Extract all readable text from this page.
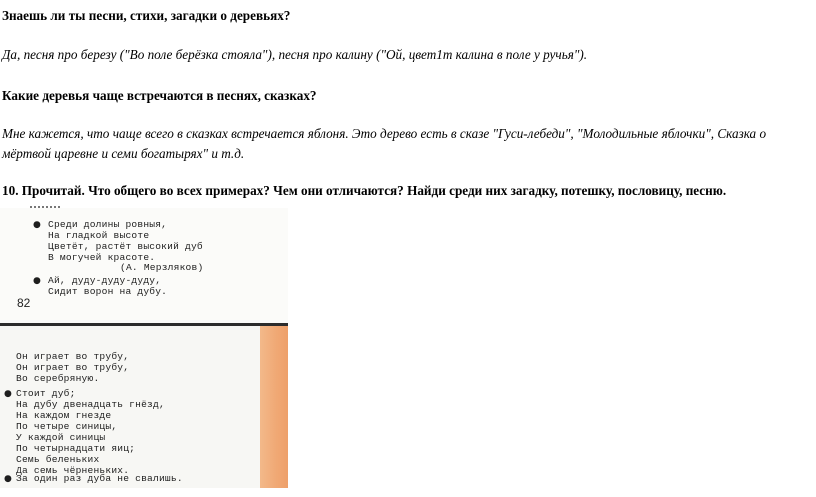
Знаешь ли ты песни, стихи, загадки о деревьях?
Да, песня про березу ("Во поле берёзка стояла"), песня про калину ("Ой, цвет1т калина в поле у ручья").
Какие деревья чаще встречаются в песнях, сказках?
Мне кажется, что чаще всего в сказках встречается яблоня. Это дерево есть в сказе "Гуси-лебеди", "Молодильные яблочки", Сказка о мёртвой царевне и семи богатырях" и т.д.
10. Прочитай. Что общего во всех примерах? Чем они отличаются? Найди среди них загадку, потешку, пословицу, песню.
● Среди долины ровныя,
На гладкой высоте
Цветёт, растёт высокий дуб
В могучей красоте.
(А. Мерзляков)
● Ай, дуду-дуду-дуду,
Сидит ворон на дубу.
82
Он играет во трубу,
Он играет во трубу,
Во серебряную.
● Стоит дуб;
На дубу двенадцать гнёзд,
На каждом гнезде
По четыре синицы,
У каждой синицы
По четырнадцати яиц;
Семь беленьких
Да семь чёрненьких.
● За один раз дуба не свалишь.
